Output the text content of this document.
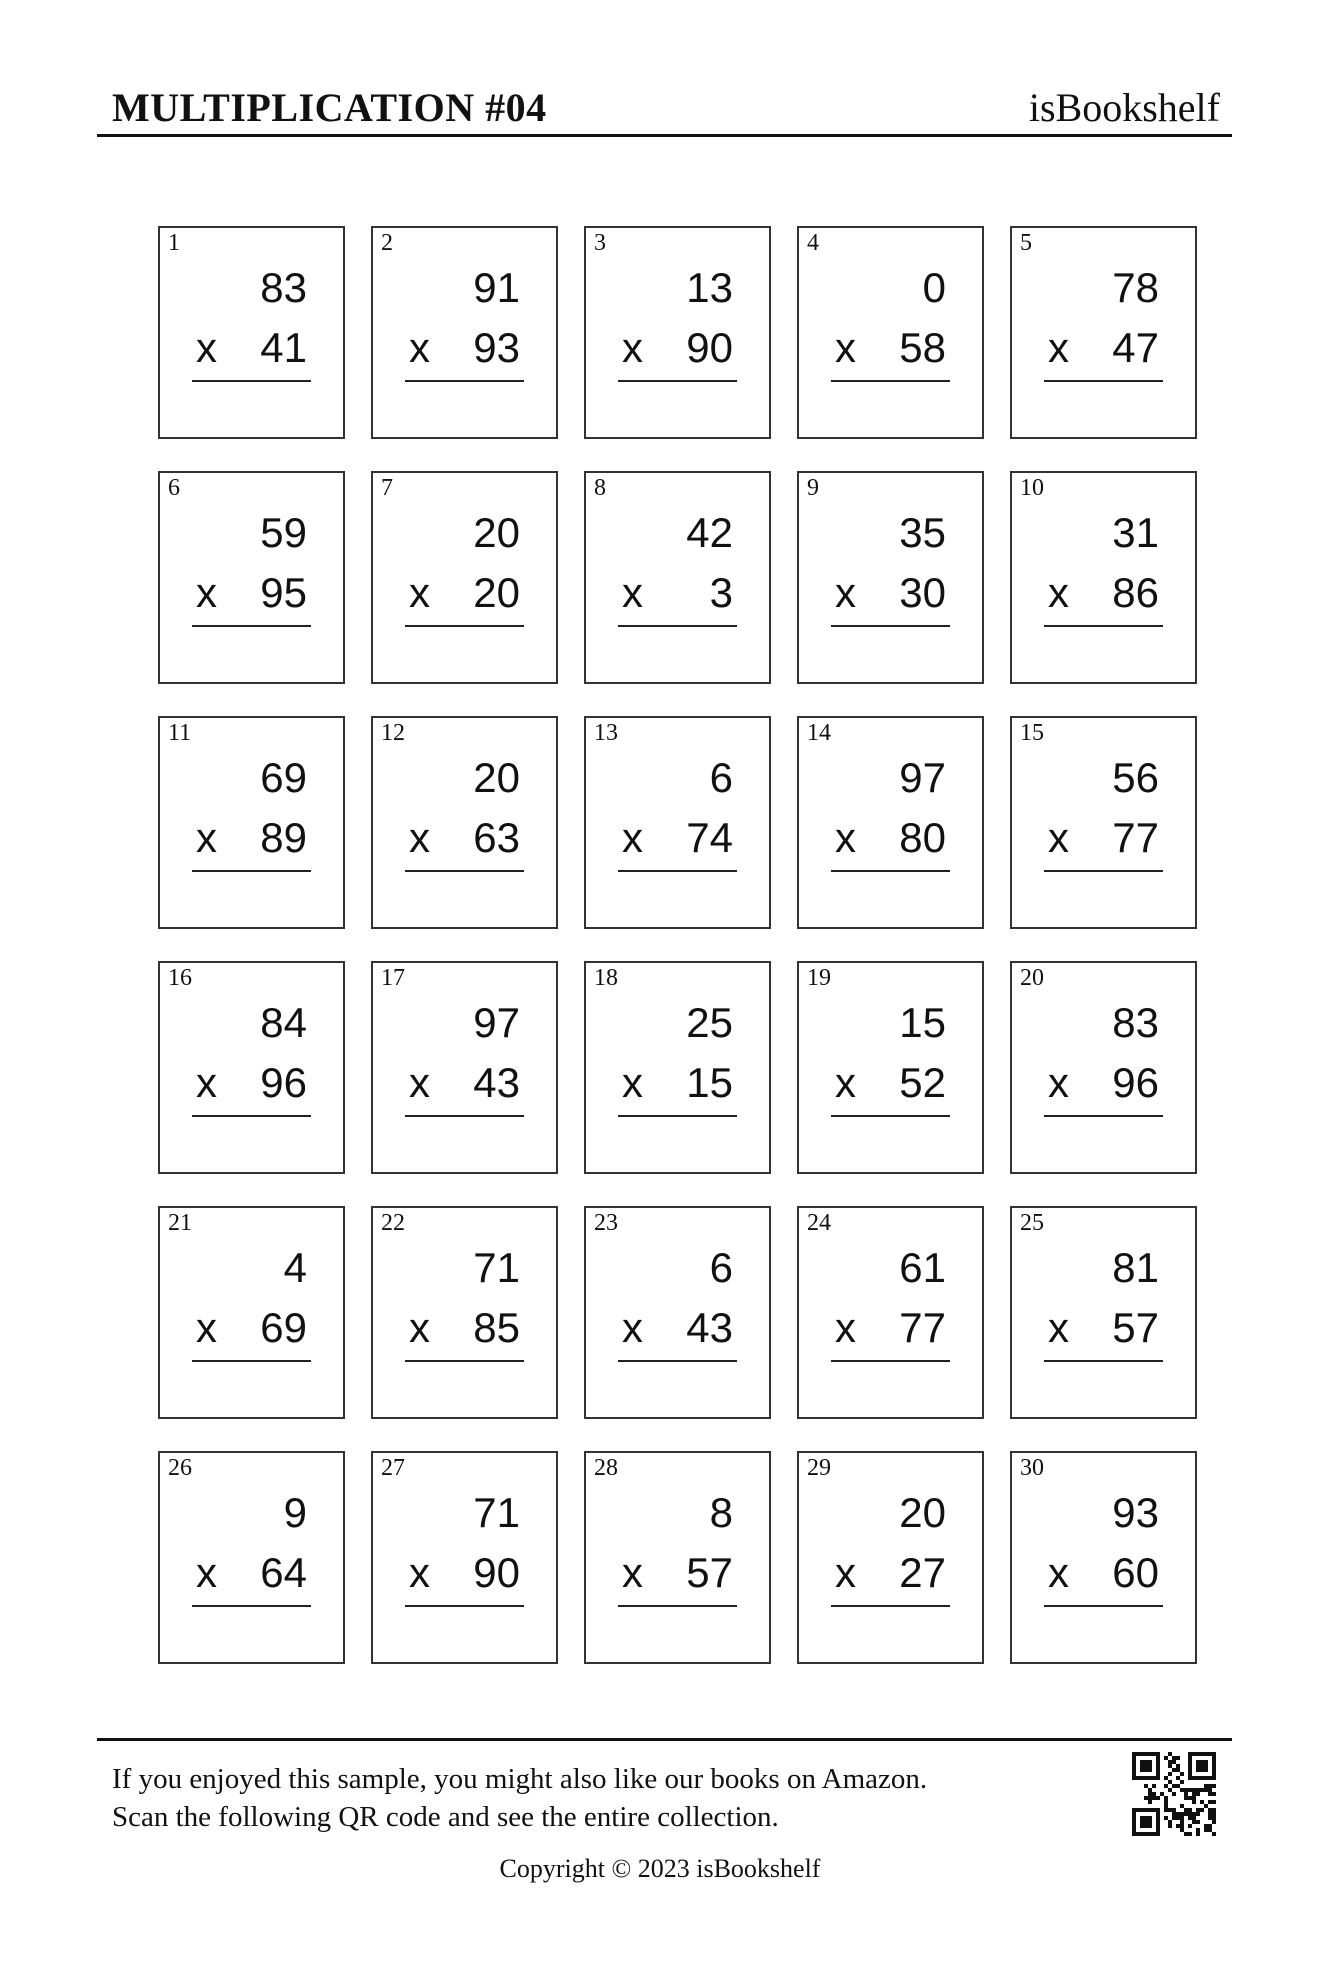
MULTIPLICATION #04	isBookshelf
1
83
x 41
2
91
x 93
3
13
x 90
4
0
x 58
5
78
x 47
6
59
x 95
7
20
x 20
8
42
x 3
9
35
x 30
10
31
x 86
11
69
x 89
12
20
x 63
13
6
x 74
14
97
x 80
15
56
x 77
16
84
x 96
17
97
x 43
18
25
x 15
19
15
x 52
20
83
x 96
21
4
x 69
22
71
x 85
23
6
x 43
24
61
x 77
25
81
x 57
26
9
x 64
27
71
x 90
28
8
x 57
29
20
x 27
30
93
x 60
If you enjoyed this sample, you might also like our books on Amazon.
Scan the following QR code and see the entire collection.
Copyright © 2023 isBookshelf
